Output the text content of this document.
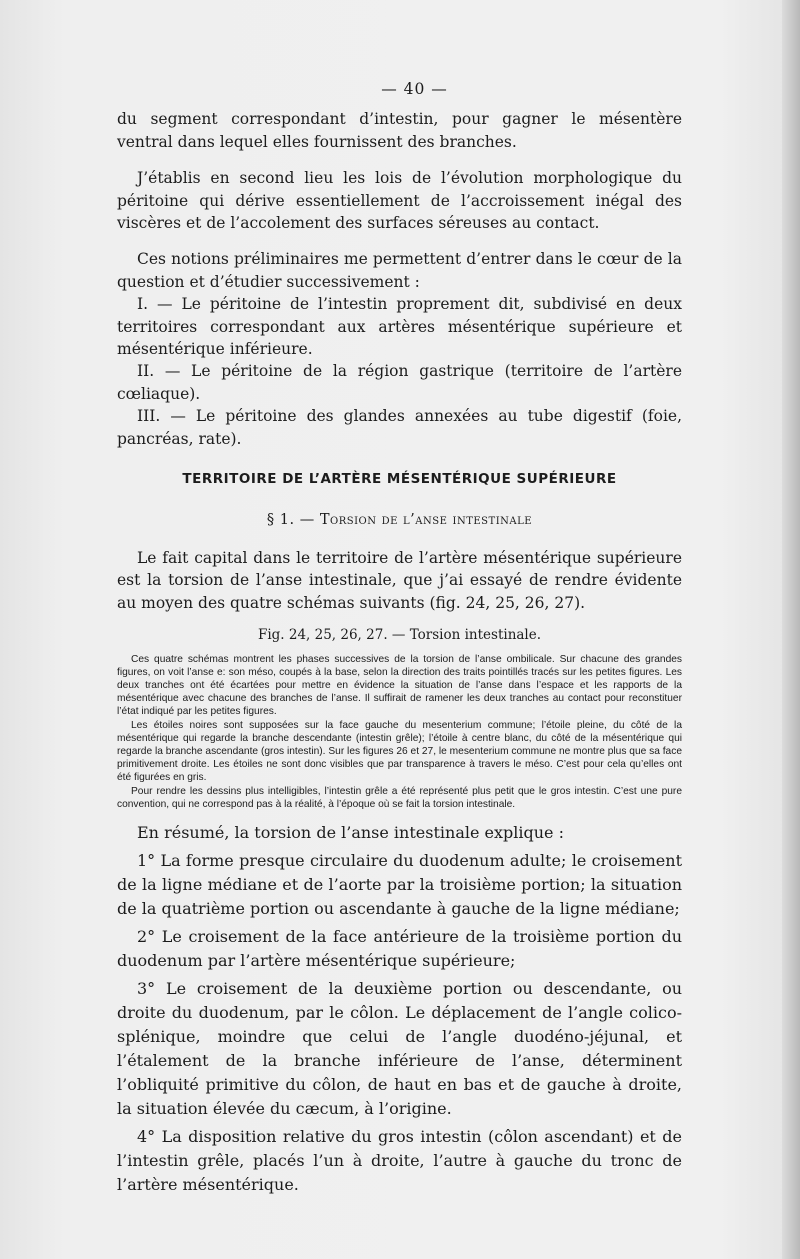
— 40 —

du segment correspondant d’intestin, pour gagner le mésentère ventral dans lequel elles fournissent des branches.

J’établis en second lieu les lois de l’évolution morphologique du péritoine qui dérive essentiellement de l’accroissement inégal des viscères et de l’accolement des surfaces séreuses au contact.

Ces notions préliminaires me permettent d’entrer dans le cœur de la question et d’étudier successivement :

I. — Le péritoine de l’intestin proprement dit, subdivisé en deux territoires correspondant aux artères mésentérique supérieure et mésentérique inférieure.

II. — Le péritoine de la région gastrique (territoire de l’artère cœliaque).

III. — Le péritoine des glandes annexées au tube digestif (foie, pancréas, rate).

TERRITOIRE DE L’ARTÈRE MÉSENTÉRIQUE SUPÉRIEURE
§ 1. — Torsion de l’anse intestinale

Le fait capital dans le territoire de l’artère mésentérique supérieure est la torsion de l’anse intestinale, que j’ai essayé de rendre évidente au moyen des quatre schémas suivants (fig. 24, 25, 26, 27).

Fig. 24, 25, 26, 27. — Torsion intestinale.

Ces quatre schémas montrent les phases successives de la torsion de l’anse ombilicale. Sur chacune des grandes figures, on voit l’anse e: son méso, coupés à la base, selon la direction des traits pointillés tracés sur les petites figures. Les deux tranches ont été écartées pour mettre en évidence la situation de l’anse dans l’espace et les rapports de la mésentérique avec chacune des branches de l’anse. Il suffirait de ramener les deux tranches au contact pour reconstituer l’état indiqué par les petites figures.

Les étoiles noires sont supposées sur la face gauche du mesenterium commune; l’étoile pleine, du côté de la mésentérique qui regarde la branche descendante (intestin grêle); l’étoile à centre blanc, du côté de la mésentérique qui regarde la branche ascendante (gros intestin). Sur les figures 26 et 27, le mesenterium commune ne montre plus que sa face primitivement droite. Les étoiles ne sont donc visibles que par transparence à travers le méso. C’est pour cela qu’elles ont été figurées en gris.

Pour rendre les dessins plus intelligibles, l’intestin grêle a été représenté plus petit que le gros intestin. C’est une pure convention, qui ne correspond pas à la réalité, à l’époque où se fait la torsion intestinale.

En résumé, la torsion de l’anse intestinale explique :

1° La forme presque circulaire du duodenum adulte; le croisement de la ligne médiane et de l’aorte par la troisième portion; la situation de la quatrième portion ou ascendante à gauche de la ligne médiane;

2° Le croisement de la face antérieure de la troisième portion du duodenum par l’artère mésentérique supérieure;

3° Le croisement de la deuxième portion ou descendante, ou droite du duodenum, par le côlon. Le déplacement de l’angle colico-splénique, moindre que celui de l’angle duodéno-jéjunal, et l’étalement de la branche inférieure de l’anse, déterminent l’obliquité primitive du côlon, de haut en bas et de gauche à droite, la situation élevée du cæcum, à l’origine.

4° La disposition relative du gros intestin (côlon ascendant) et de l’intestin grêle, placés l’un à droite, l’autre à gauche du tronc de l’artère mésentérique.
